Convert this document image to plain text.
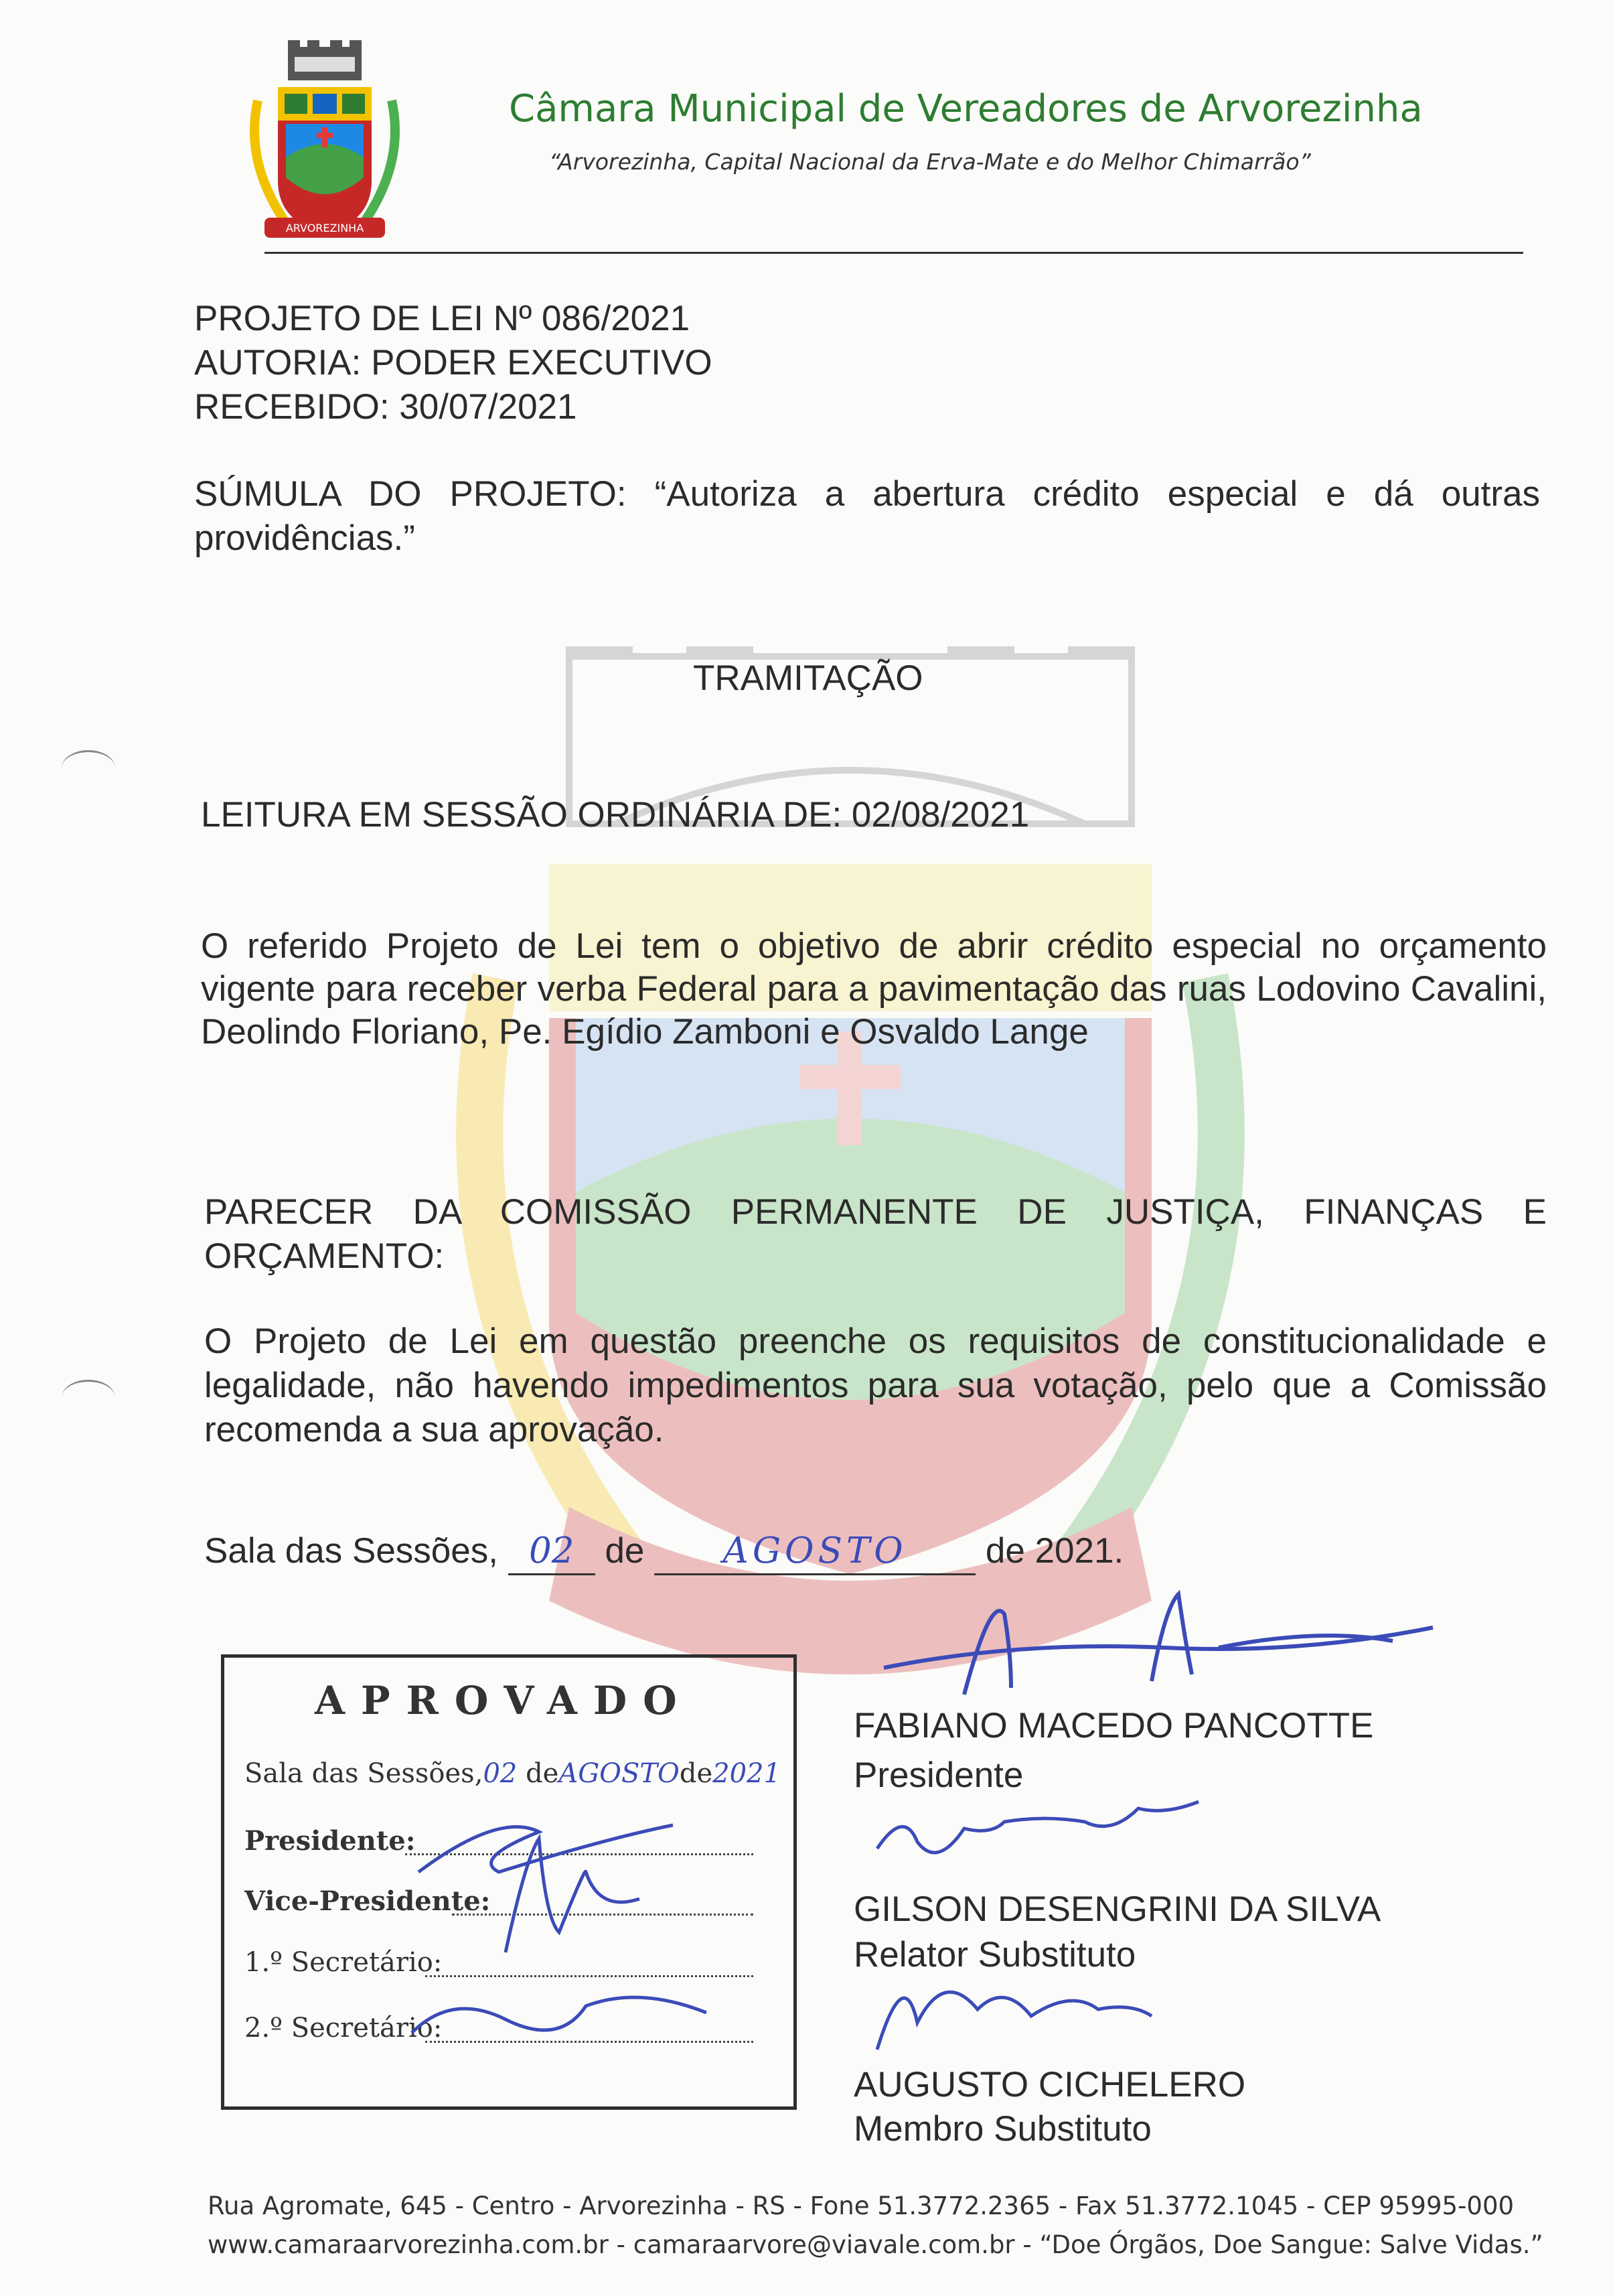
ARVOREZINHA
Câmara Municipal de Vereadores de Arvorezinha
“Arvorezinha, Capital Nacional da Erva-Mate e do Melhor Chimarrão”
PROJETO DE LEI Nº 086/2021
AUTORIA: PODER EXECUTIVO
RECEBIDO: 30/07/2021
SÚMULA DO PROJETO: “Autoriza a abertura crédito especial e dá outras providências.”
TRAMITAÇÃO
LEITURA EM SESSÃO ORDINÁRIA DE: 02/08/2021
O referido Projeto de Lei tem o objetivo de abrir crédito especial no orçamento vigente para receber verba Federal para a pavimentação das ruas Lodovino Cavalini, Deolindo Floriano, Pe. Egídio Zamboni e Osvaldo Lange
PARECER DA COMISSÃO PERMANENTE DE JUSTIÇA, FINANÇAS E ORÇAMENTO:
O Projeto de Lei em questão preenche os requisitos de constitucionalidade e legalidade, não havendo impedimentos para sua votação, pelo que a Comissão recomenda a sua aprovação.
Sala das Sessões, 02 de AGOSTO de 2021.
APROVADO
Sala das Sessões,02 deAGOSTOde2021
Presidente:
Vice-Presidente:
1.º Secretário:
2.º Secretário:
FABIANO MACEDO PANCOTTE
Presidente
GILSON DESENGRINI DA SILVA
Relator Substituto
AUGUSTO CICHELERO
Membro Substituto
Rua Agromate, 645 - Centro - Arvorezinha - RS - Fone 51.3772.2365 - Fax 51.3772.1045 - CEP 95995-000
www.camaraarvorezinha.com.br - camaraarvore@viavale.com.br - “Doe Órgãos, Doe Sangue: Salve Vidas.”
